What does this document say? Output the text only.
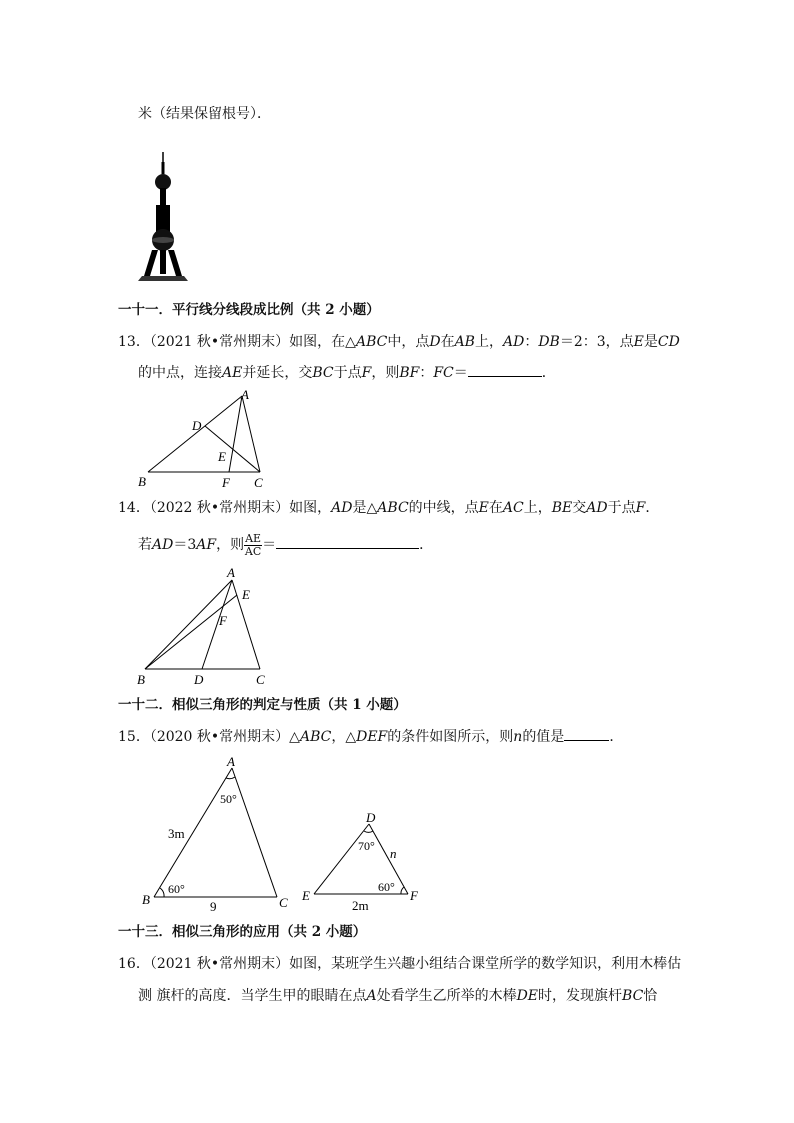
米（结果保留根号）．
一十一．平行线分线段成比例（共 2 小题）
13．（2021 秋•常州期末）如图，在△ABC中，点D在AB上，AD：DB＝2：3，点E是CD
的中点，连接AE并延长，交BC于点F，则BF：FC＝	．
A
B	C
D
E
F
14．（2022 秋•常州期末）如图，AD是△ABC的中线，点E在AC上，BE交AD于点F．
若AD＝3AF，则 $\frac{AE}{AC}$ ＝	．
A
B	C
D
E
F
一十二．相似三角形的判定与性质（共 1 小题）
15．（2020 秋•常州期末）△ABC，△DEF的条件如图所示，则n的值是	．
A
B	C
50°
60°
3m
9
D
E	F
70°
60°
2m
n
一十三．相似三角形的应用（共 2 小题）
16．（2021 秋•常州期末）如图，某班学生兴趣小组结合课堂所学的数学知识，利用木棒估
测 旗杆的高度．当学生甲的眼睛在点A处看学生乙所举的木棒DE时，发现旗杆BC恰
